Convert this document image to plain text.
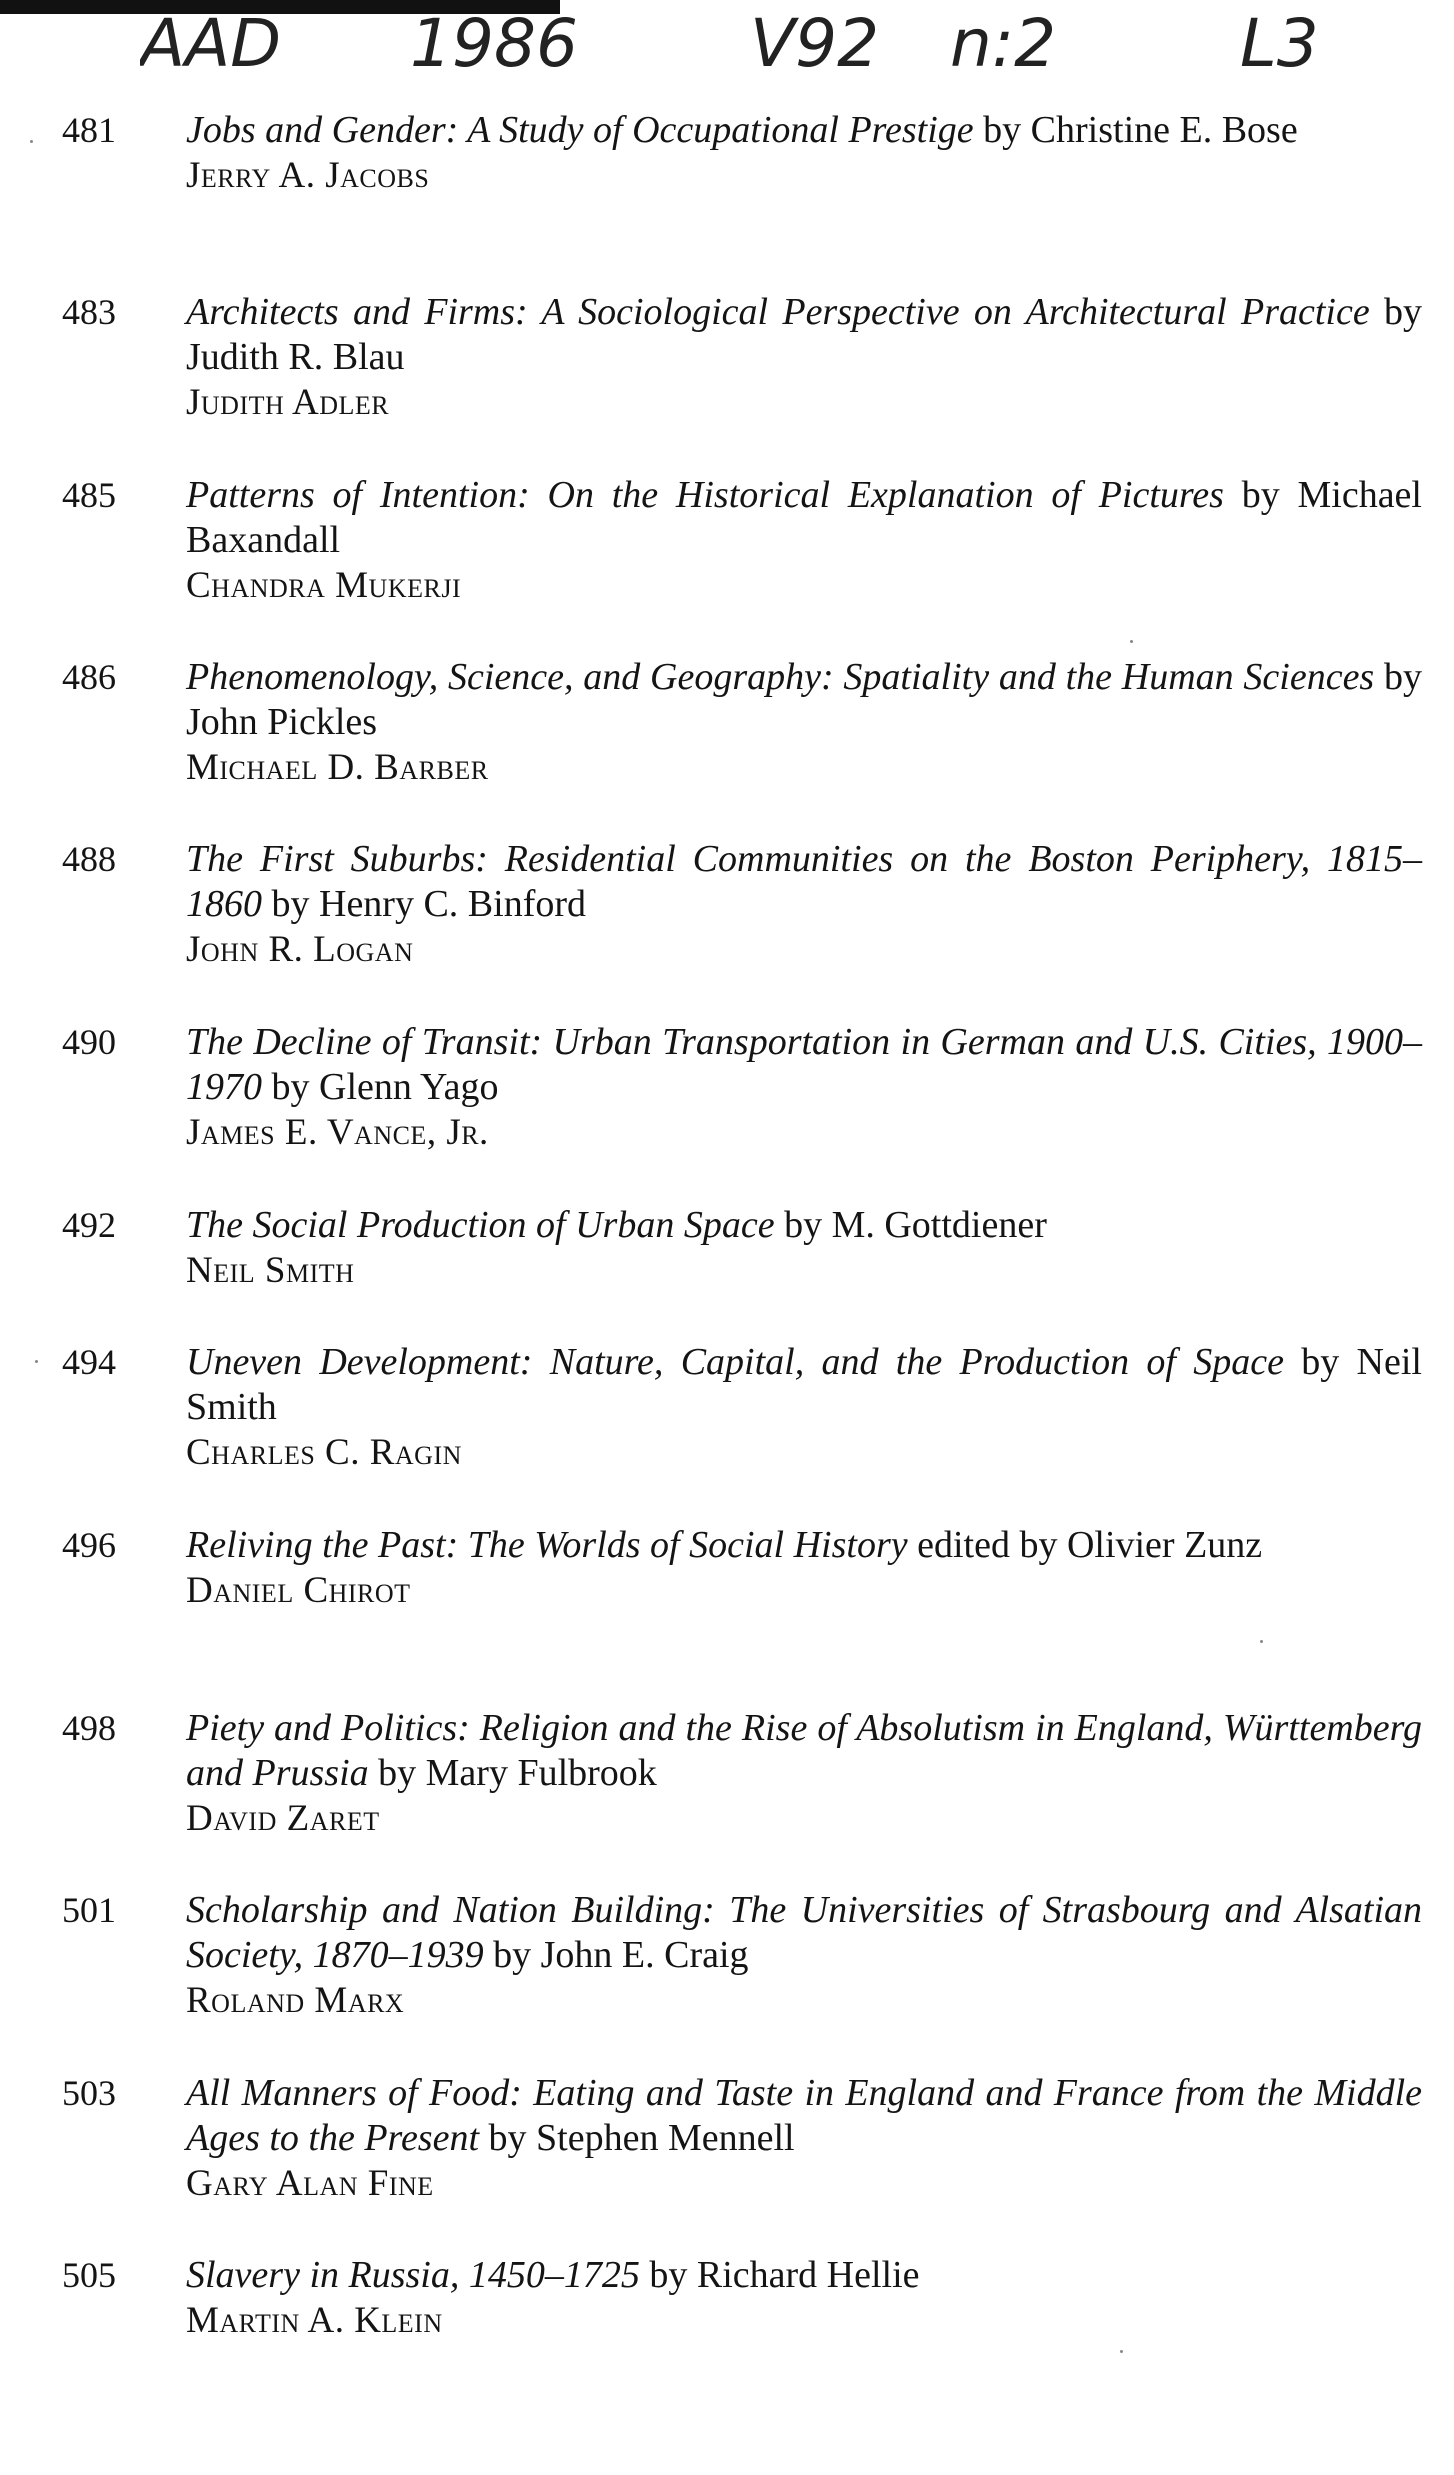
AAD 1986	V92 n:2	L3
481	Jobs and Gender: A Study of Occupational Prestige by Christine E. Bose
Jerry A. Jacobs
483	Architects and Firms: A Sociological Perspective on Architectural Practice by Judith R. Blau
Judith Adler
485	Patterns of Intention: On the Historical Explanation of Pictures by Michael Baxandall
Chandra Mukerji
486	Phenomenology, Science, and Geography: Spatiality and the Human Sciences by John Pickles
Michael D. Barber
488	The First Suburbs: Residential Communities on the Boston Periphery, 1815–1860 by Henry C. Binford
John R. Logan
490	The Decline of Transit: Urban Transportation in German and U.S. Cities, 1900–1970 by Glenn Yago
James E. Vance, Jr.
492	The Social Production of Urban Space by M. Gottdiener
Neil Smith
494	Uneven Development: Nature, Capital, and the Production of Space by Neil Smith
Charles C. Ragin
496	Reliving the Past: The Worlds of Social History edited by Olivier Zunz
Daniel Chirot
498	Piety and Politics: Religion and the Rise of Absolutism in England, Württemberg and Prussia by Mary Fulbrook
David Zaret
501	Scholarship and Nation Building: The Universities of Strasbourg and Alsatian Society, 1870–1939 by John E. Craig
Roland Marx
503	All Manners of Food: Eating and Taste in England and France from the Middle Ages to the Present by Stephen Mennell
Gary Alan Fine
505	Slavery in Russia, 1450–1725 by Richard Hellie
Martin A. Klein
